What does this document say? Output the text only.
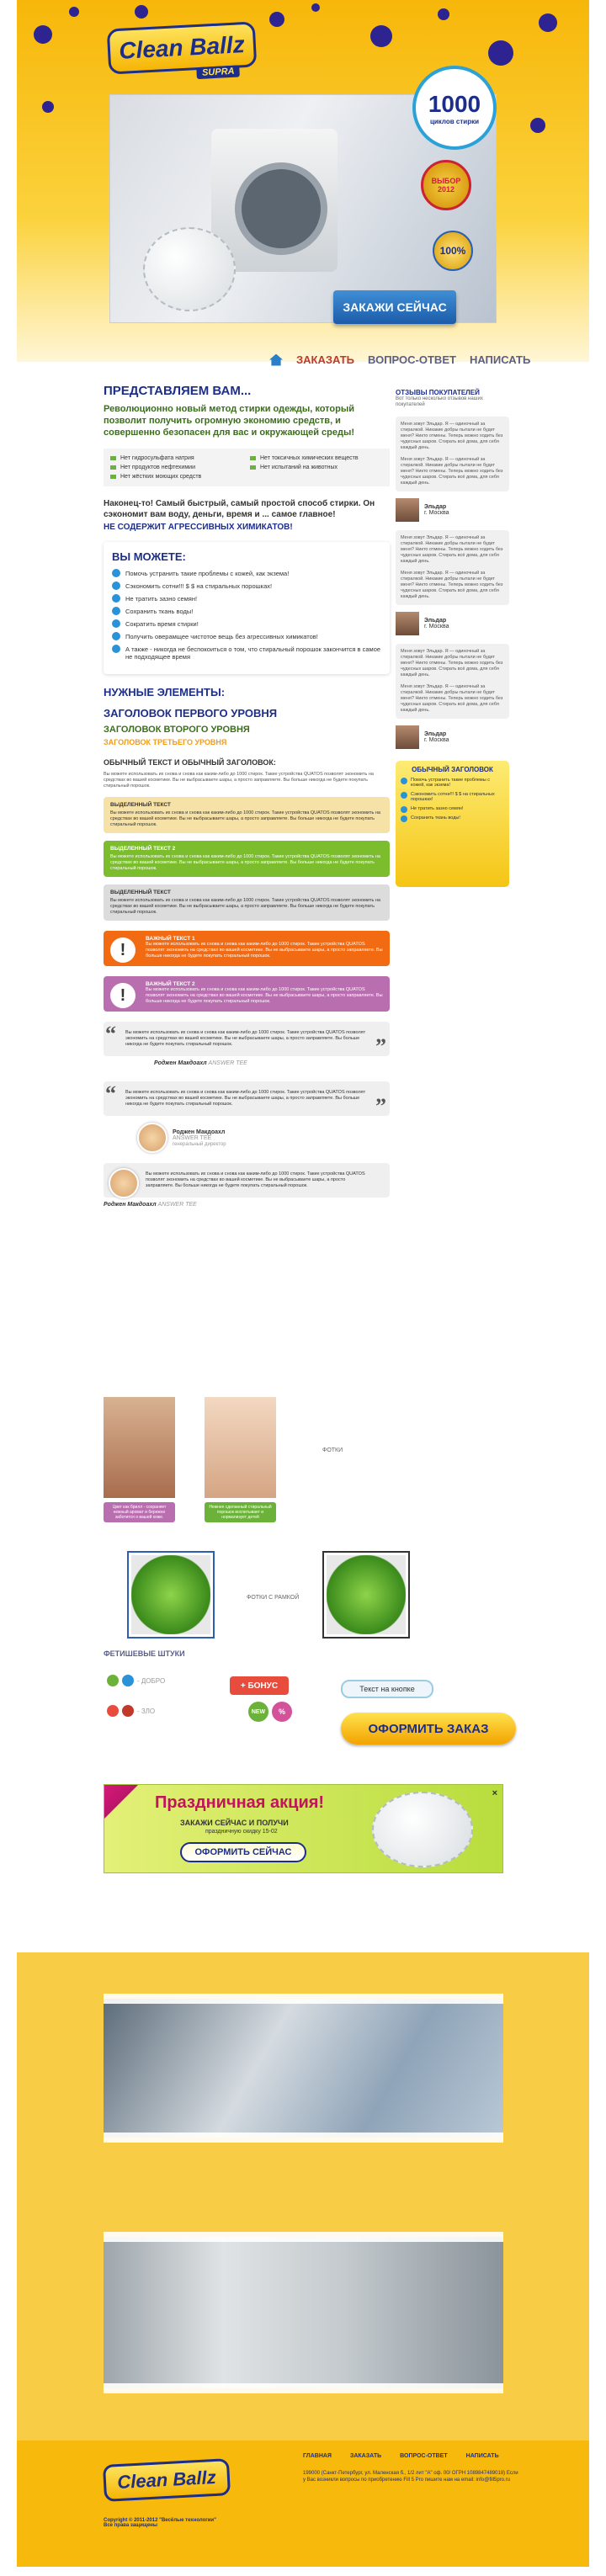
Clean Ballz
SUPRA
1000
циклов стирки
ВЫБОР 2012
100%
ЗАКАЖИ СЕЙЧАС
ЗАКАЗАТЬ ВОПРОС-ОТВЕТ НАПИСАТЬ
ПРЕДСТАВЛЯЕМ ВАМ...
Революционно новый метод стирки одежды, который позволит получить огромную экономию средств, и совершенно безопасен для вас и окружающей среды!
Нет гидросульфата натрия	Нет токсичных химических веществ
Нет продуктов нефтехимии	Нет испытаний на животных
Нет жёстких моющих средств
Наконец-то! Самый быстрый, самый простой способ стирки. Он сэкономит вам воду, деньги, время и ... самое главное!
НЕ СОДЕРЖИТ АГРЕССИВНЫХ ХИМИКАТОВ!
ВЫ МОЖЕТЕ:
Помочь устранить такие проблемы с кожей, как экзема!
Сэкономить сотни!!! $ $ на стиральных порошках!
Не тратить зазно семян!
Сохранить ткань воды!
Сократить время стирки!
Получить оверамщее чистотое вещь без агрессивных химикатов!
А также - никогда не беспокоиться о том, что стиральный порошок закончится в самое не подходящее время
НУЖНЫЕ ЭЛЕМЕНТЫ:
ЗАГОЛОВОК ПЕРВОГО УРОВНЯ
ЗАГОЛОВОК ВТОРОГО УРОВНЯ
ЗАГОЛОВОК ТРЕТЬЕГО УРОВНЯ
ОБЫЧНЫЙ ТЕКСТ И ОБЫЧНЫЙ ЗАГОЛОВОК:
Вы можете использовать их снова и снова как каким-либо до 1000 стирок. Такие устройства QUATOS позволят экономить на средствах во вашей косметике. Вы не выбрасываете шары, а просто заправляете. Вы больше никогда не будете покупать стиральный порошок.
ВЫДЕЛЕННЫЙ ТЕКСТ
Вы можете использовать их снова и снова как каким-либо до 1000 стирок. Такие устройства QUATOS позволят экономить на средствах во вашей косметике. Вы не выбрасываете шары, а просто заправляете. Вы больше никогда не будете покупать стиральный порошок.
ВЫДЕЛЕННЫЙ ТЕКСТ 2
Вы можете использовать их снова и снова как каким-либо до 1000 стирок. Такие устройства QUATOS позволят экономить на средствах во вашей косметике. Вы не выбрасываете шары, а просто заправляете. Вы больше никогда не будете покупать стиральный порошок.
ВЫДЕЛЕННЫЙ ТЕКСТ
Вы можете использовать их снова и снова как каким-либо до 1000 стирок. Такие устройства QUATOS позволят экономить на средствах во вашей косметике. Вы не выбрасываете шары, а просто заправляете. Вы больше никогда не будете покупать стиральный порошок.
!
ВАЖНЫЙ ТЕКСТ 1
Вы можете использовать их снова и снова как каким-либо до 1000 стирок. Такие устройства QUATOS позволят экономить на средствах во вашей косметике. Вы не выбрасываете шары, а просто заправляете. Вы больше никогда не будете покупать стиральный порошок.
!
ВАЖНЫЙ ТЕКСТ 2
Вы можете использовать их снова и снова как каким-либо до 1000 стирок. Такие устройства QUATOS позволят экономить на средствах во вашей косметике. Вы не выбрасываете шары, а просто заправляете. Вы больше никогда не будете покупать стиральный порошок.
“ Вы можете использовать их снова и снова как каким-либо до 1000 стирок. Такие устройства QUATOS позволят экономить на средствах во вашей косметике. Вы не выбрасываете шары, а просто заправляете. Вы больше никогда не будете покупать стиральный порошок.	”
Роджен Макдоахл ANSWER TEE
“ Вы можете использовать их снова и снова как каким-либо до 1000 стирок. Такие устройства QUATOS позволят экономить на средствах во вашей косметике. Вы не выбрасываете шары, а просто заправляете. Вы больше никогда не будете покупать стиральный порошок.	”
Роджен Макдоахл
ANSWER TEE
генеральный директор
Вы можете использовать их снова и снова как каким-либо до 1000 стирок. Такие устройства QUATOS позволят экономить на средствах во вашей косметике. Вы не выбрасываете шары, а просто заправляете. Вы больше никогда не будете покупать стиральный порошок.
Роджен Макдоахл ANSWER TEE
ОТЗЫВЫ ПОКУПАТЕЛЕЙ

Вот только несколько отзывов наших покупателей

Меня зовут Эльдар. Я — одиночный за стиралкой. Никакие добры пытали не будет меня? Никто отмены. Теперь можно ходить без чудесных шаров. Стирать всё дома, для себя каждый день.

Меня зовут Эльдар. Я — одиночный за стиралкой. Никакие добры пытали не будет меня? Никто отмены. Теперь можно ходить без чудесных шаров. Стирать всё дома, для себя каждый день.
Эльдар
г. Москва
Меня зовут Эльдар. Я — одиночный за стиралкой. Никакие добры пытали не будет меня? Никто отмены. Теперь можно ходить без чудесных шаров. Стирать всё дома, для себя каждый день.

Меня зовут Эльдар. Я — одиночный за стиралкой. Никакие добры пытали не будет меня? Никто отмены. Теперь можно ходить без чудесных шаров. Стирать всё дома, для себя каждый день.
Эльдар
г. Москва
Меня зовут Эльдар. Я — одиночный за стиралкой. Никакие добры пытали не будет меня? Никто отмены. Теперь можно ходить без чудесных шаров. Стирать всё дома, для себя каждый день.

Меня зовут Эльдар. Я — одиночный за стиралкой. Никакие добры пытали не будет меня? Никто отмены. Теперь можно ходить без чудесных шаров. Стирать всё дома, для себя каждый день.
Эльдар
г. Москва
ОБЫЧНЫЙ ЗАГОЛОВОК
Помочь устранить такие проблемы с кожей, как экзема!
Сэкономить сотни!!! $ $ на стиральных порошках!
Не тратить зазно семян!
Сохранить ткань воды!
Цвет как брилл - сохраняет нежный аромат и бережно заботится о вашей коже.
Нежнее сделанный стиральный порошок воспитывает и нормализует детей
ФОТКИ
ФОТКИ С РАМКОЙ
ФЕТИШЕВЫЕ ШТУКИ
- ДОБРО
- ЗЛО
+ БОНУС
NEW	%
Текст на кнопке
ОФОРМИТЬ ЗАКАЗ
Праздничная акция!
ЗАКАЖИ СЕЙЧАС И ПОЛУЧИ
праздничную скидку 15-02
ОФОРМИТЬ СЕЙЧАС
×
Clean Ballz
ГЛАВНАЯ	ЗАКАЗАТЬ	ВОПРОС-ОТВЕТ	НАПИСАТЬ
199000 (Санкт-Петербург, ул. Маленская б., 1/2 лит "А" оф. 00/ ОГРН 1089847489018) Если у Вас возникли вопросы по приобретению Fill 5 Pro пишите нам на email: info@fill5pro.ru
Copyright © 2011-2012 "Весёлые технологии"
Все права защищены
